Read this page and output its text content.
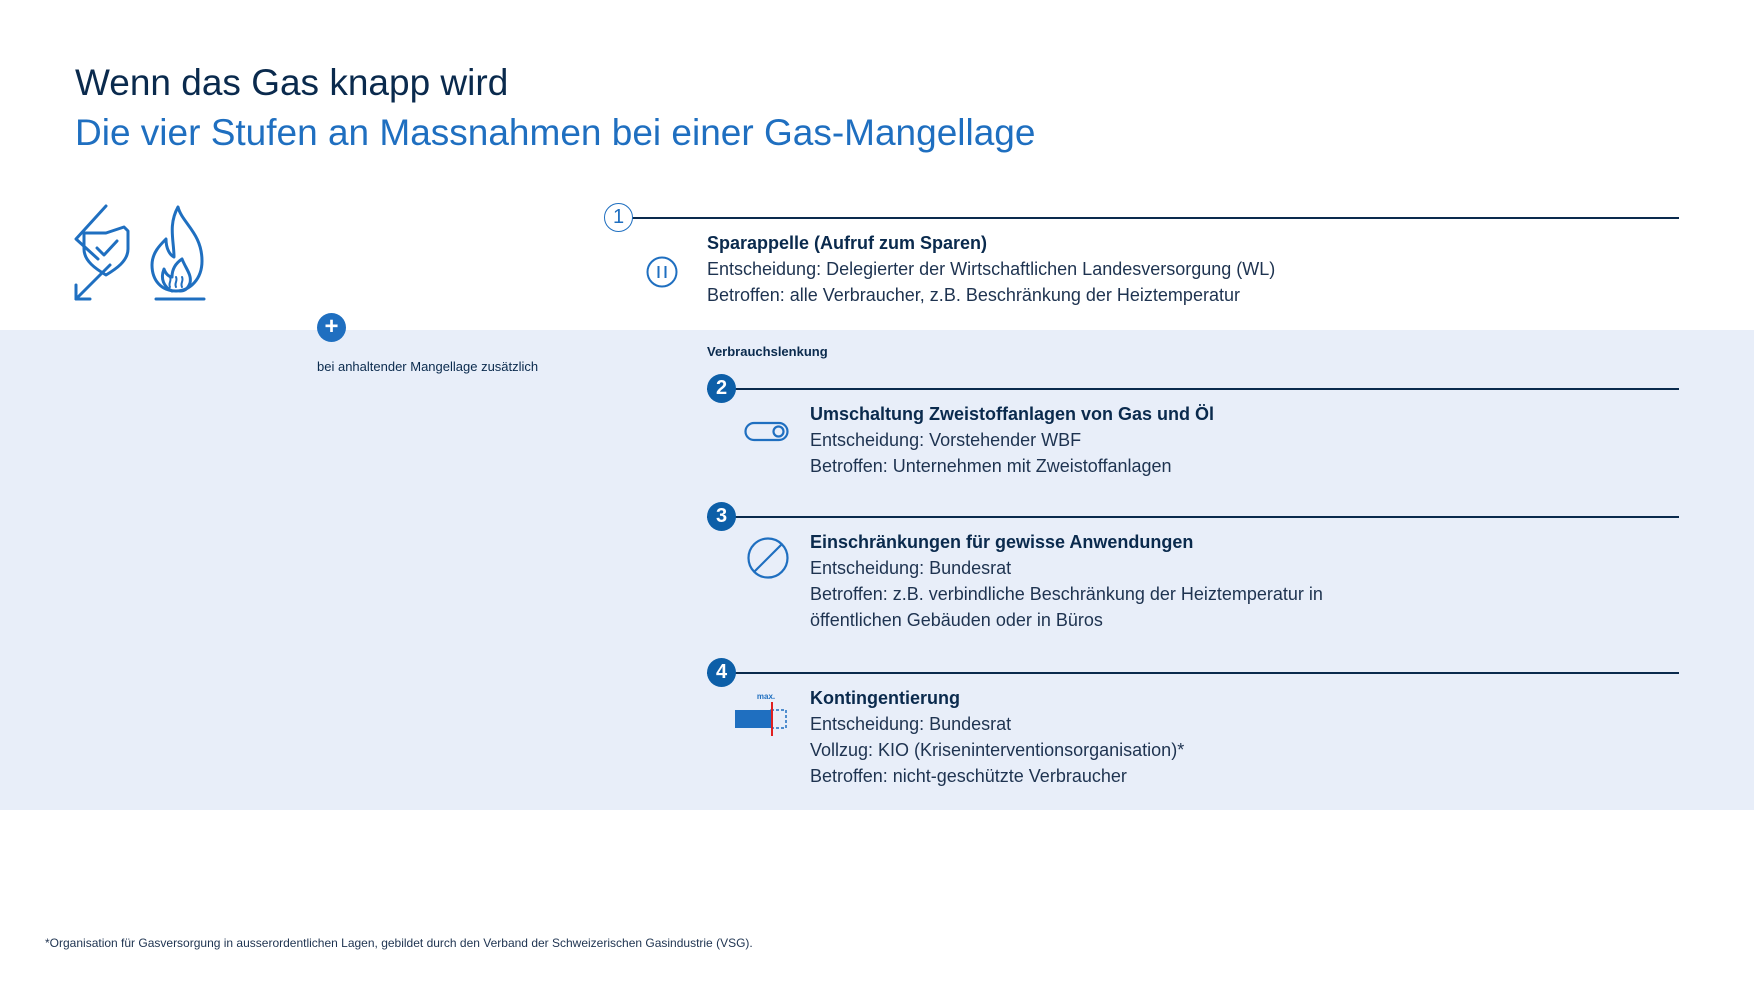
Wenn das Gas knapp wird
Die vier Stufen an Massnahmen bei einer Gas-Mangellage
+
bei anhaltender Mangellage zusätzlich
1
Sparappelle (Aufruf zum Sparen)
Entscheidung: Delegierter der Wirtschaftlichen Landesversorgung (WL)
Betroffen: alle Verbraucher, z.B. Beschränkung der Heiztemperatur
Verbrauchslenkung
2
Umschaltung Zweistoffanlagen von Gas und Öl
Entscheidung: Vorstehender WBF
Betroffen: Unternehmen mit Zweistoffanlagen
3
Einschränkungen für gewisse Anwendungen
Entscheidung: Bundesrat
Betroffen: z.B. verbindliche Beschränkung der Heiztemperatur in
öffentlichen Gebäuden oder in Büros
4
max. Kontingentierung
Entscheidung: Bundesrat
Vollzug: KIO (Kriseninterventionsorganisation)*
Betroffen: nicht-geschützte Verbraucher
*Organisation für Gasversorgung in ausserordentlichen Lagen, gebildet durch den Verband der Schweizerischen Gasindustrie (VSG).
